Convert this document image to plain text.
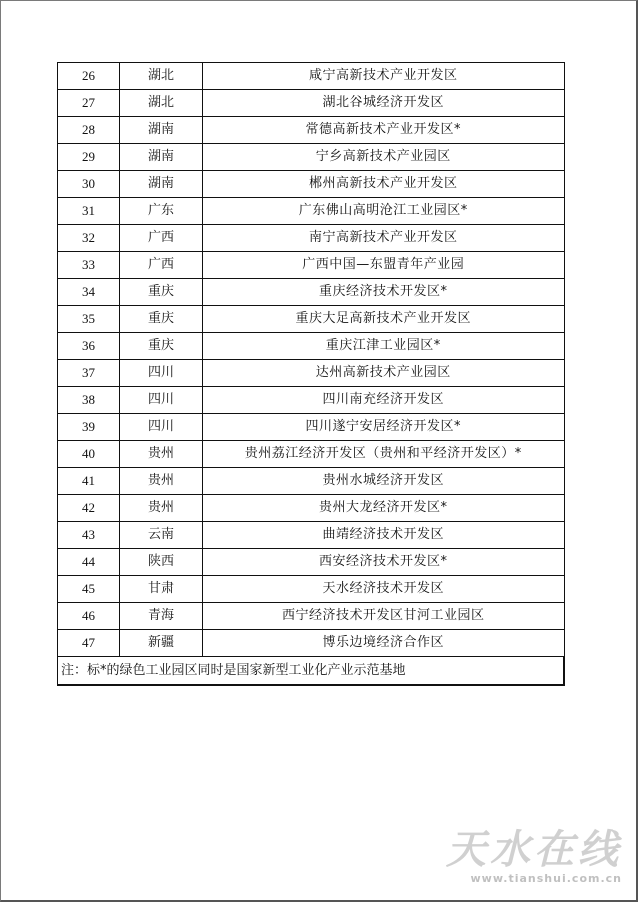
26	湖北	咸宁高新技术产业开发区
27	湖北	湖北谷城经济开发区
28	湖南	常德高新技术产业开发区*
29	湖南	宁乡高新技术产业园区
30	湖南	郴州高新技术产业开发区
31	广东	广东佛山高明沧江工业园区*
32	广西	南宁高新技术产业开发区
33	广西	广西中国—东盟青年产业园
34	重庆	重庆经济技术开发区*
35	重庆	重庆大足高新技术产业开发区
36	重庆	重庆江津工业园区*
37	四川	达州高新技术产业园区
38	四川	四川南充经济开发区
39	四川	四川遂宁安居经济开发区*
40	贵州	贵州荔江经济开发区（贵州和平经济开发区）*
41	贵州	贵州水城经济开发区
42	贵州	贵州大龙经济开发区*
43	云南	曲靖经济技术开发区
44	陕西	西安经济技术开发区*
45	甘肃	天水经济技术开发区
46	青海	西宁经济技术开发区甘河工业园区
47	新疆	博乐边境经济合作区
注：标*的绿色工业园区同时是国家新型工业化产业示范基地		
天水在线
www.tianshui.com.cn
